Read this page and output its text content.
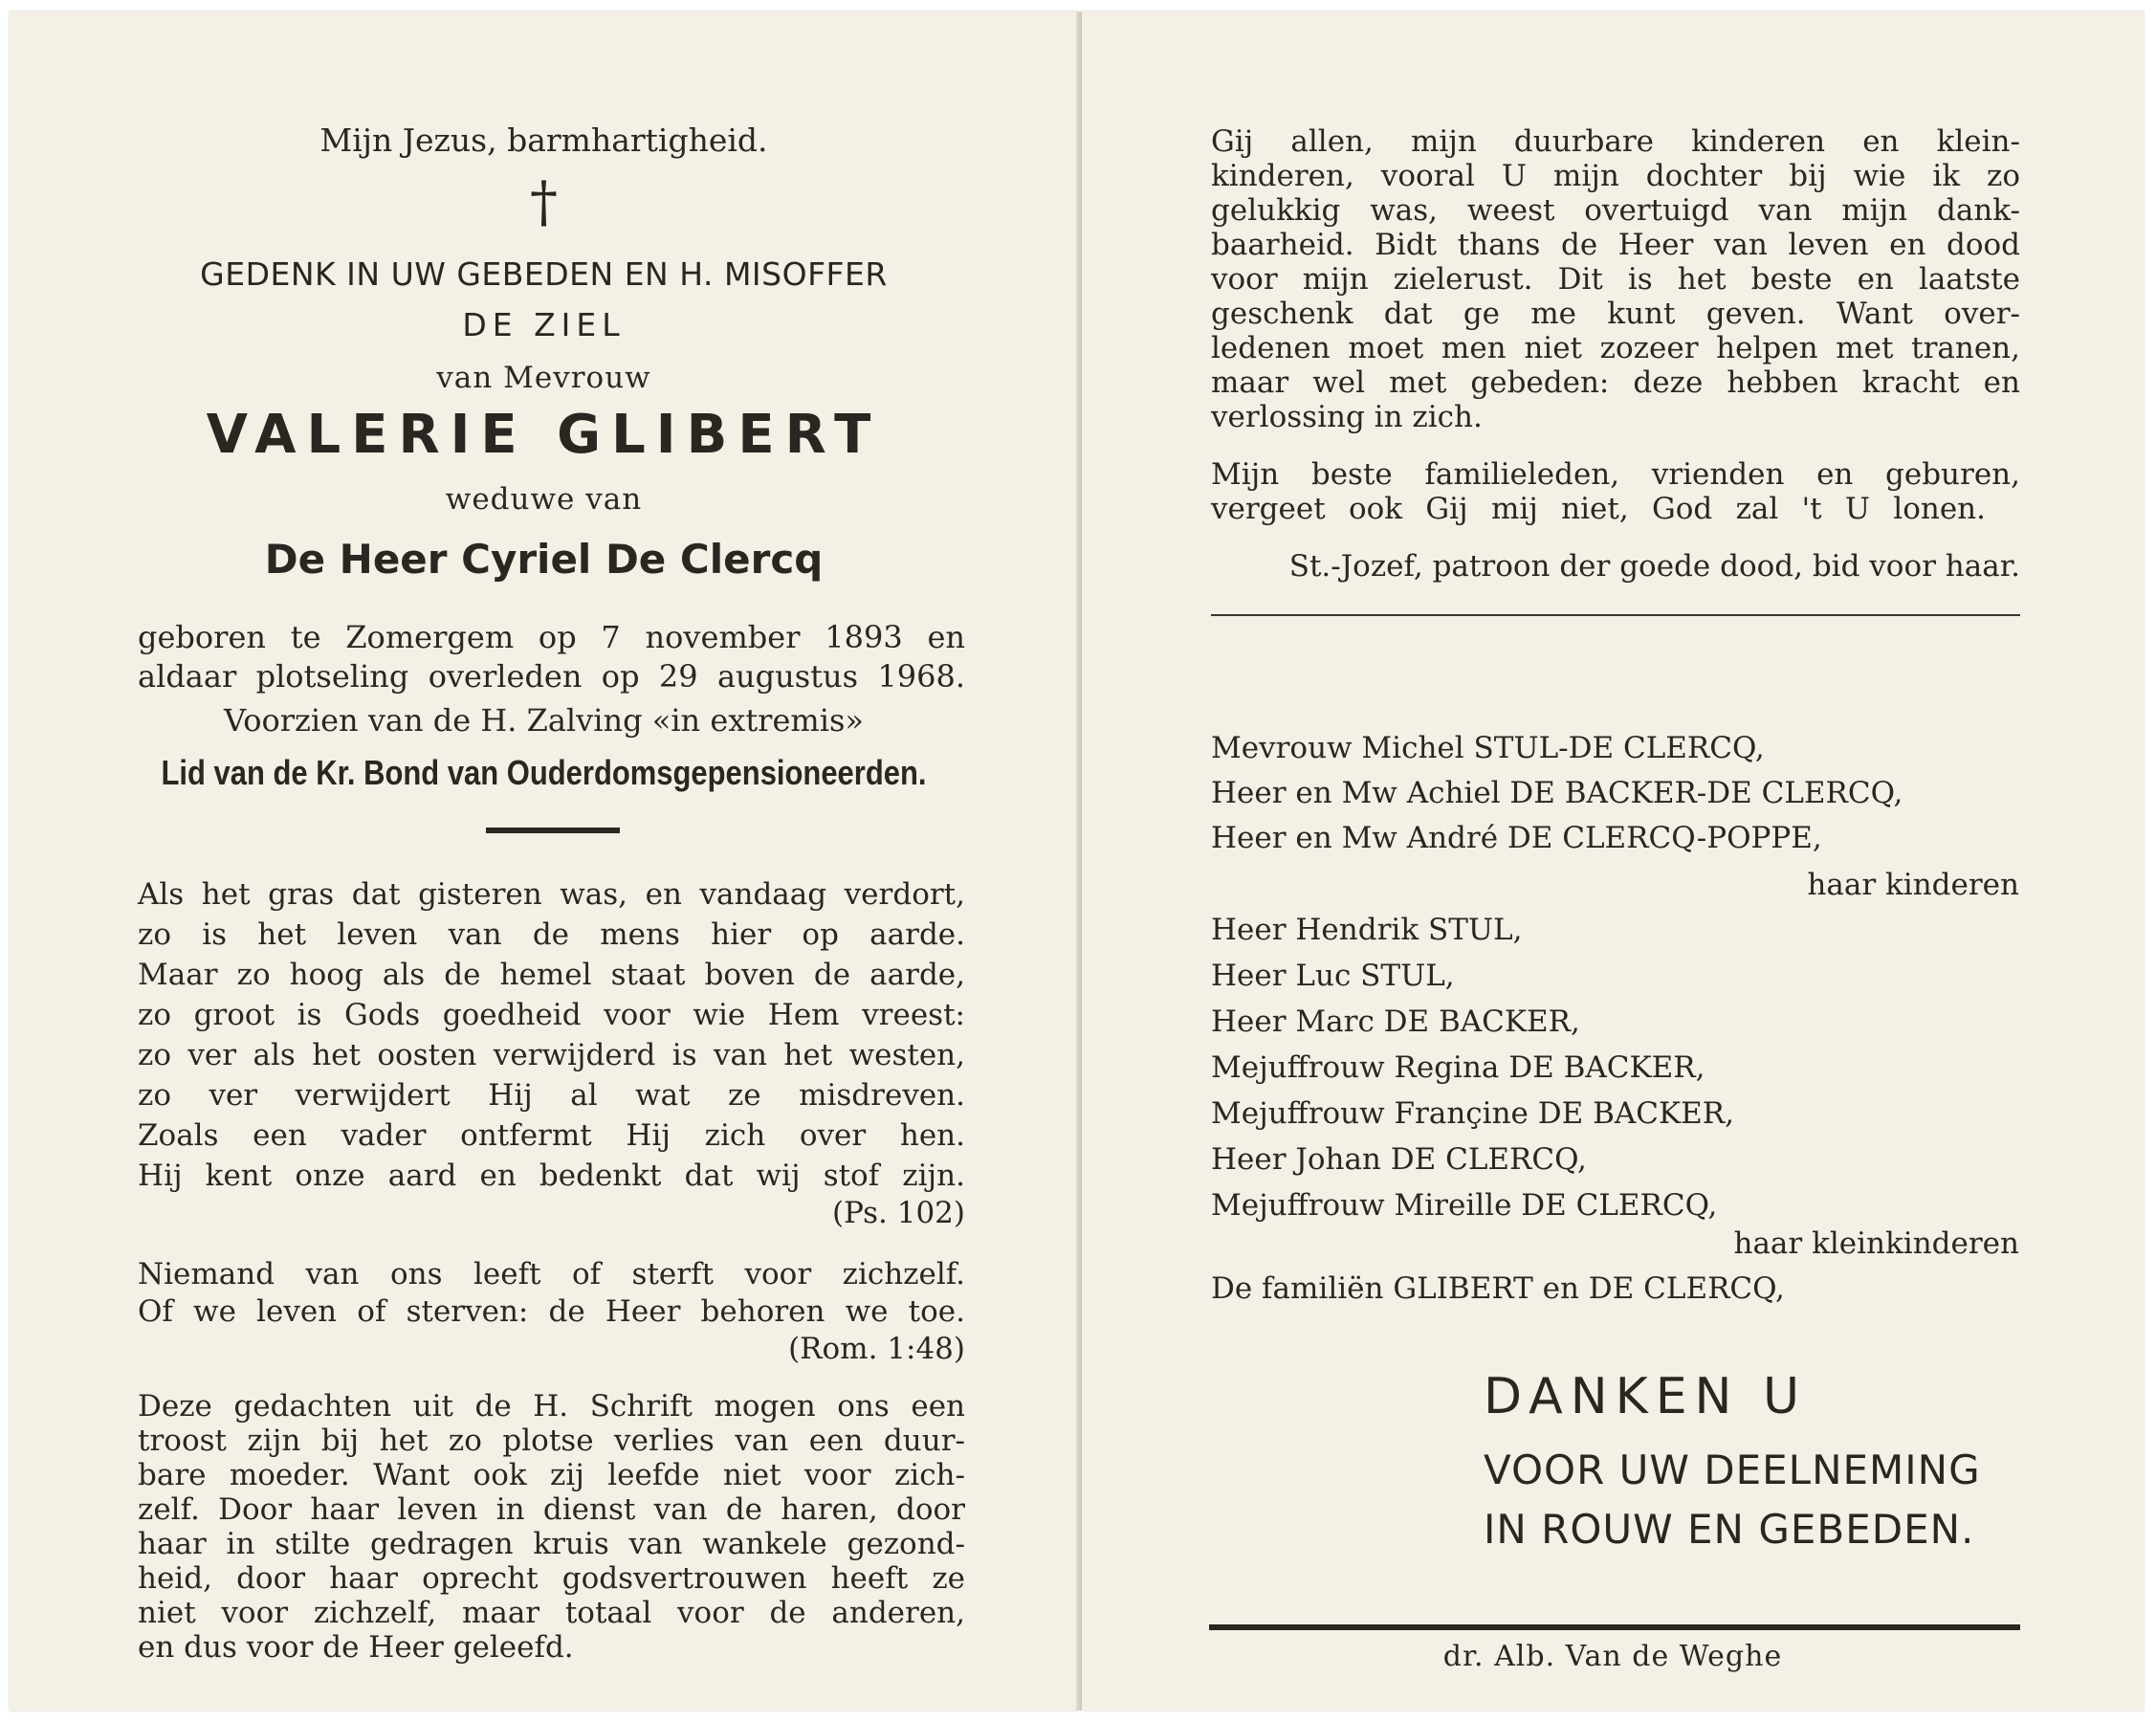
Mijn Jezus, barmhartigheid.
†
GEDENK IN UW GEBEDEN EN H. MISOFFER
DE ZIEL
van Mevrouw
VALERIE GLIBERT
weduwe van
De Heer Cyriel De Clercq
geboren te Zomergem op 7 november 1893 en
aldaar plotseling overleden op 29 augustus 1968.
Voorzien van de H. Zalving «in extremis»
Lid van de Kr. Bond van Ouderdomsgepensioneerden.
Als het gras dat gisteren was, en vandaag verdort,
zo is het leven van de mens hier op aarde.
Maar zo hoog als de hemel staat boven de aarde,
zo groot is Gods goedheid voor wie Hem vreest:
zo ver als het oosten verwijderd is van het westen,
zo ver verwijdert Hij al wat ze misdreven.
Zoals een vader ontfermt Hij zich over hen.
Hij kent onze aard en bedenkt dat wij stof zijn.
(Ps. 102)
Niemand van ons leeft of sterft voor zichzelf.
Of we leven of sterven: de Heer behoren we toe.
(Rom. 1:48)
Deze gedachten uit de H. Schrift mogen ons een
troost zijn bij het zo plotse verlies van een duur-
bare moeder. Want ook zij leefde niet voor zich-
zelf. Door haar leven in dienst van de haren, door
haar in stilte gedragen kruis van wankele gezond-
heid, door haar oprecht godsvertrouwen heeft ze
niet voor zichzelf, maar totaal voor de anderen,
en dus voor de Heer geleefd.
Gij allen, mijn duurbare kinderen en klein-
kinderen, vooral U mijn dochter bij wie ik zo
gelukkig was, weest overtuigd van mijn dank-
baarheid. Bidt thans de Heer van leven en dood
voor mijn zielerust. Dit is het beste en laatste
geschenk dat ge me kunt geven. Want over-
ledenen moet men niet zozeer helpen met tranen,
maar wel met gebeden: deze hebben kracht en
verlossing in zich.
Mijn beste familieleden, vrienden en geburen,
vergeet ook Gij mij niet, God zal 't U lonen.
St.-Jozef, patroon der goede dood, bid voor haar.
Mevrouw Michel STUL-DE CLERCQ,
Heer en Mw Achiel DE BACKER-DE CLERCQ,
Heer en Mw André DE CLERCQ-POPPE,
haar kinderen
Heer Hendrik STUL,
Heer Luc STUL,
Heer Marc DE BACKER,
Mejuffrouw Regina DE BACKER,
Mejuffrouw Françine DE BACKER,
Heer Johan DE CLERCQ,
Mejuffrouw Mireille DE CLERCQ,
haar kleinkinderen
De familiën GLIBERT en DE CLERCQ,
DANKEN U
VOOR UW DEELNEMING
IN ROUW EN GEBEDEN.
dr. Alb. Van de Weghe
